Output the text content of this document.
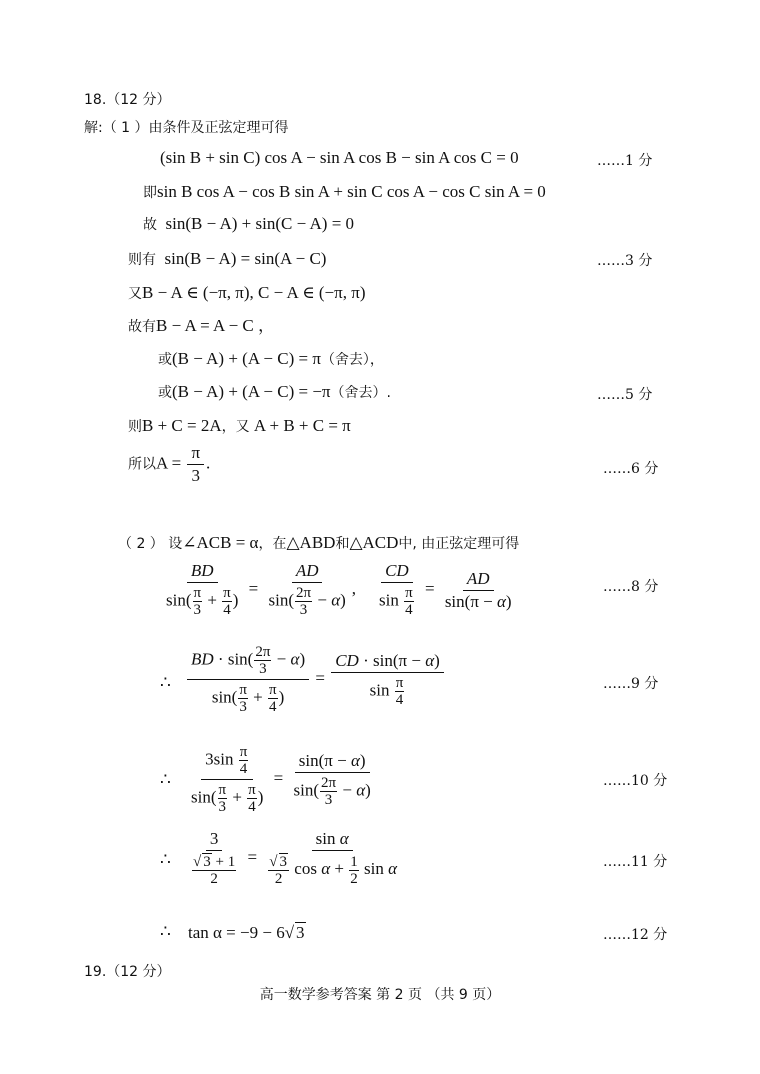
18.（12 分）
解:（ 1 ）由条件及正弦定理可得
(sin B + sin C) cos A − sin A cos B − sin A cos C = 0	……1 分
即sin B cos A − cos B sin A + sin C cos A − cos C sin A = 0
故 sin(B − A) + sin(C − A) = 0
则有 sin(B − A) = sin(A − C)	……3 分
又B − A ∈ (−π, π), C − A ∈ (−π, π)
故有B − A = A − C ，
或(B − A) + (A − C) = π（舍去），
或(B − A) + (A − C) = −π（舍去）.	……5 分
则B + C = 2A，又 A + B + C = π
所以$A = \frac{\pi}{3}$ .	……6 分
（ 2 ） 设∠ACB = α，在△ABD和△ACD中, 由正弦定理可得
$\frac{BD}{\sin( \frac{\pi}{3} + \frac{\pi}{4} )} = \frac{AD}{\sin( \frac{2\pi}{3} - \alpha)}$ , $\frac{CD}{\sin \frac{\pi}{4}} = \frac{AD}{\sin(\pi - \alpha)}$	……8 分
∴ $\frac{BD \cdot \sin( \frac{2\pi}{3} - \alpha)}{\sin( \frac{\pi}{3} + \frac{\pi}{4} )} = \frac{CD \cdot \sin(\pi - \alpha)}{\sin \frac{\pi}{4}}$	……9 分
∴ $\frac{3\sin \frac{\pi}{4}}{\sin( \frac{\pi}{3} + \frac{\pi}{4} )} = \frac{\sin(\pi - \alpha)}{\sin( \frac{2\pi}{3} - \alpha)}$	……10 分
∴ $\frac{3}{\frac{√ 3 + 1}{2}} = \frac{\text{sin α}}{\frac{√ 3}{2} \cos \alpha + \frac{1}{2} \sin \alpha}$	……11 分
∴ tan α = −9 − 6√ 3	……12 分
19.（12 分）
高一数学参考答案 第 2 页 （共 9 页）
